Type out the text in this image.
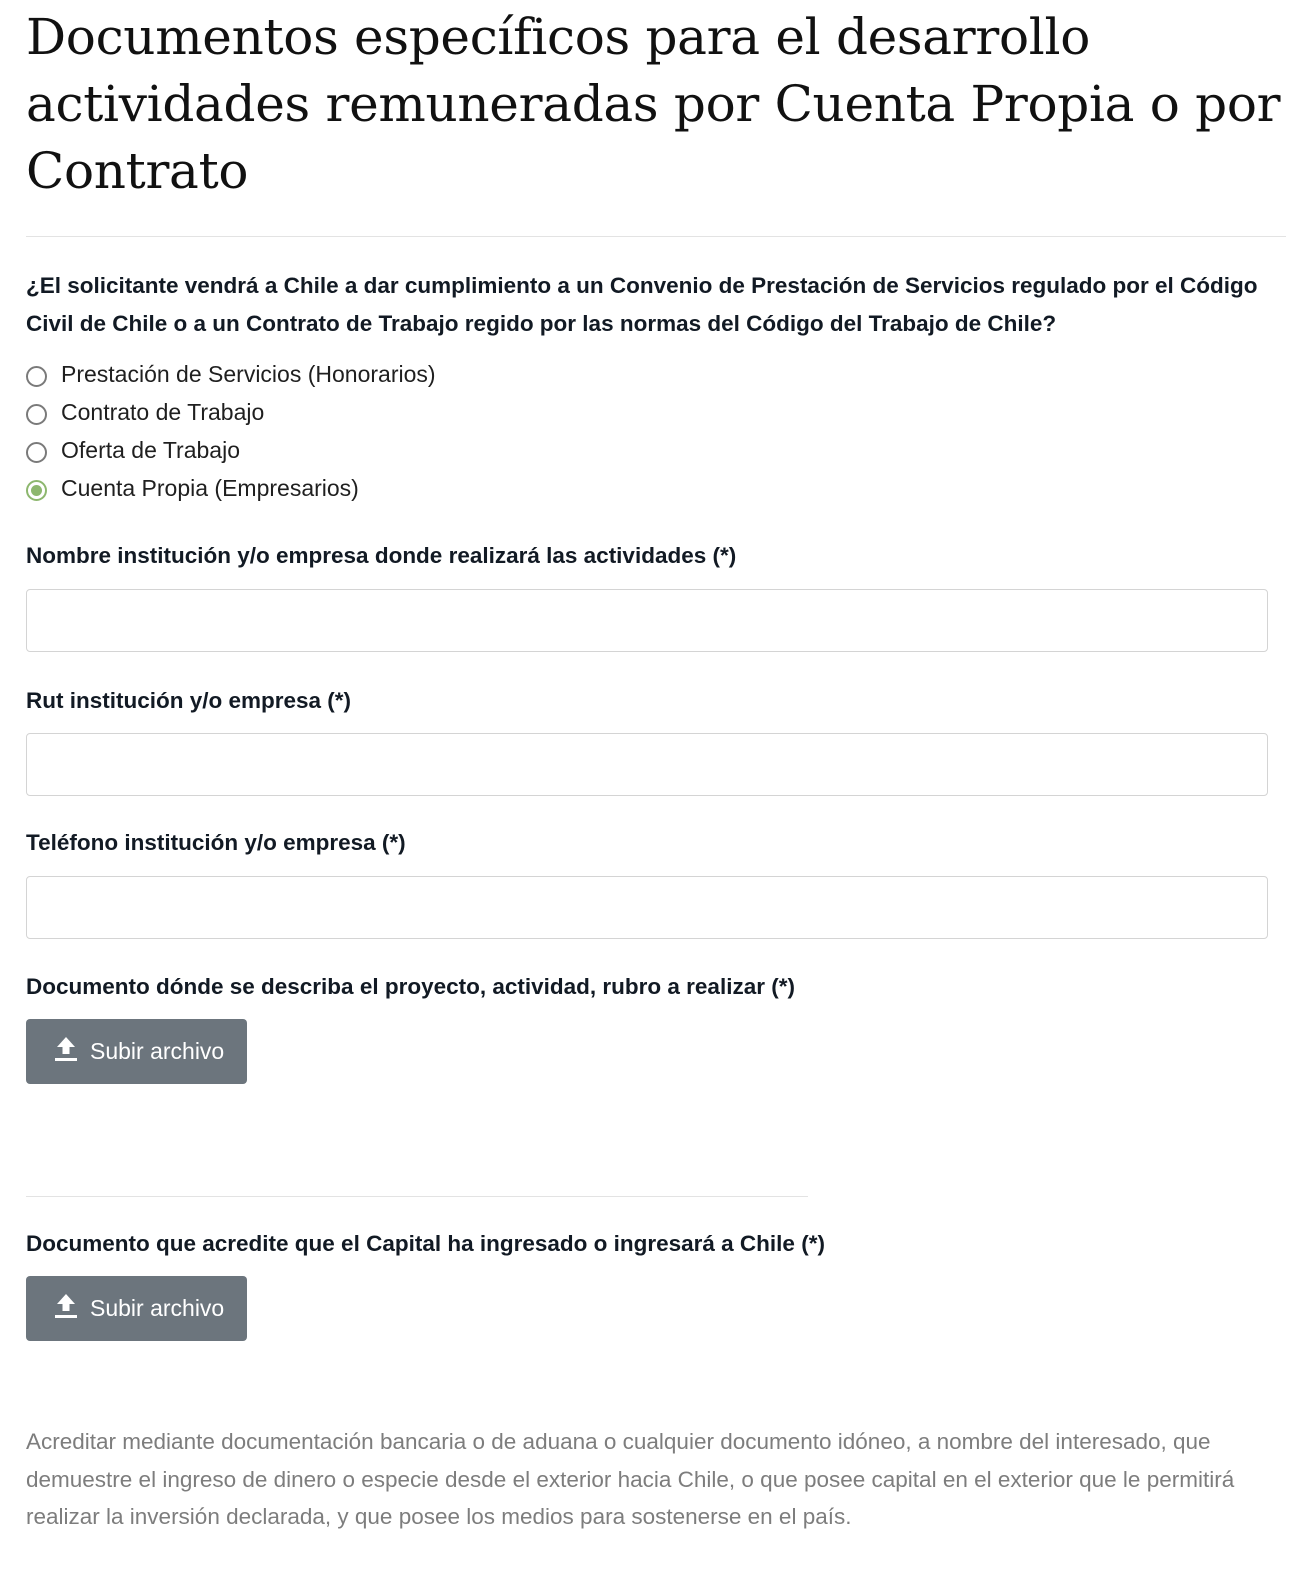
Documentos específicos para el desarrollo actividades remuneradas por Cuenta Propia o por Contrato
¿El solicitante vendrá a Chile a dar cumplimiento a un Convenio de Prestación de Servicios regulado por el Código Civil de Chile o a un Contrato de Trabajo regido por las normas del Código del Trabajo de Chile?
Prestación de Servicios (Honorarios)
Contrato de Trabajo
Oferta de Trabajo
Cuenta Propia (Empresarios)
Nombre institución y/o empresa donde realizará las actividades (*)
Rut institución y/o empresa (*)
Teléfono institución y/o empresa (*)
Documento dónde se describa el proyecto, actividad, rubro a realizar (*)
Subir archivo
Documento que acredite que el Capital ha ingresado o ingresará a Chile (*)
Subir archivo
Acreditar mediante documentación bancaria o de aduana o cualquier documento idóneo, a nombre del interesado, que demuestre el ingreso de dinero o especie desde el exterior hacia Chile, o que posee capital en el exterior que le permitirá realizar la inversión declarada, y que posee los medios para sostenerse en el país.
